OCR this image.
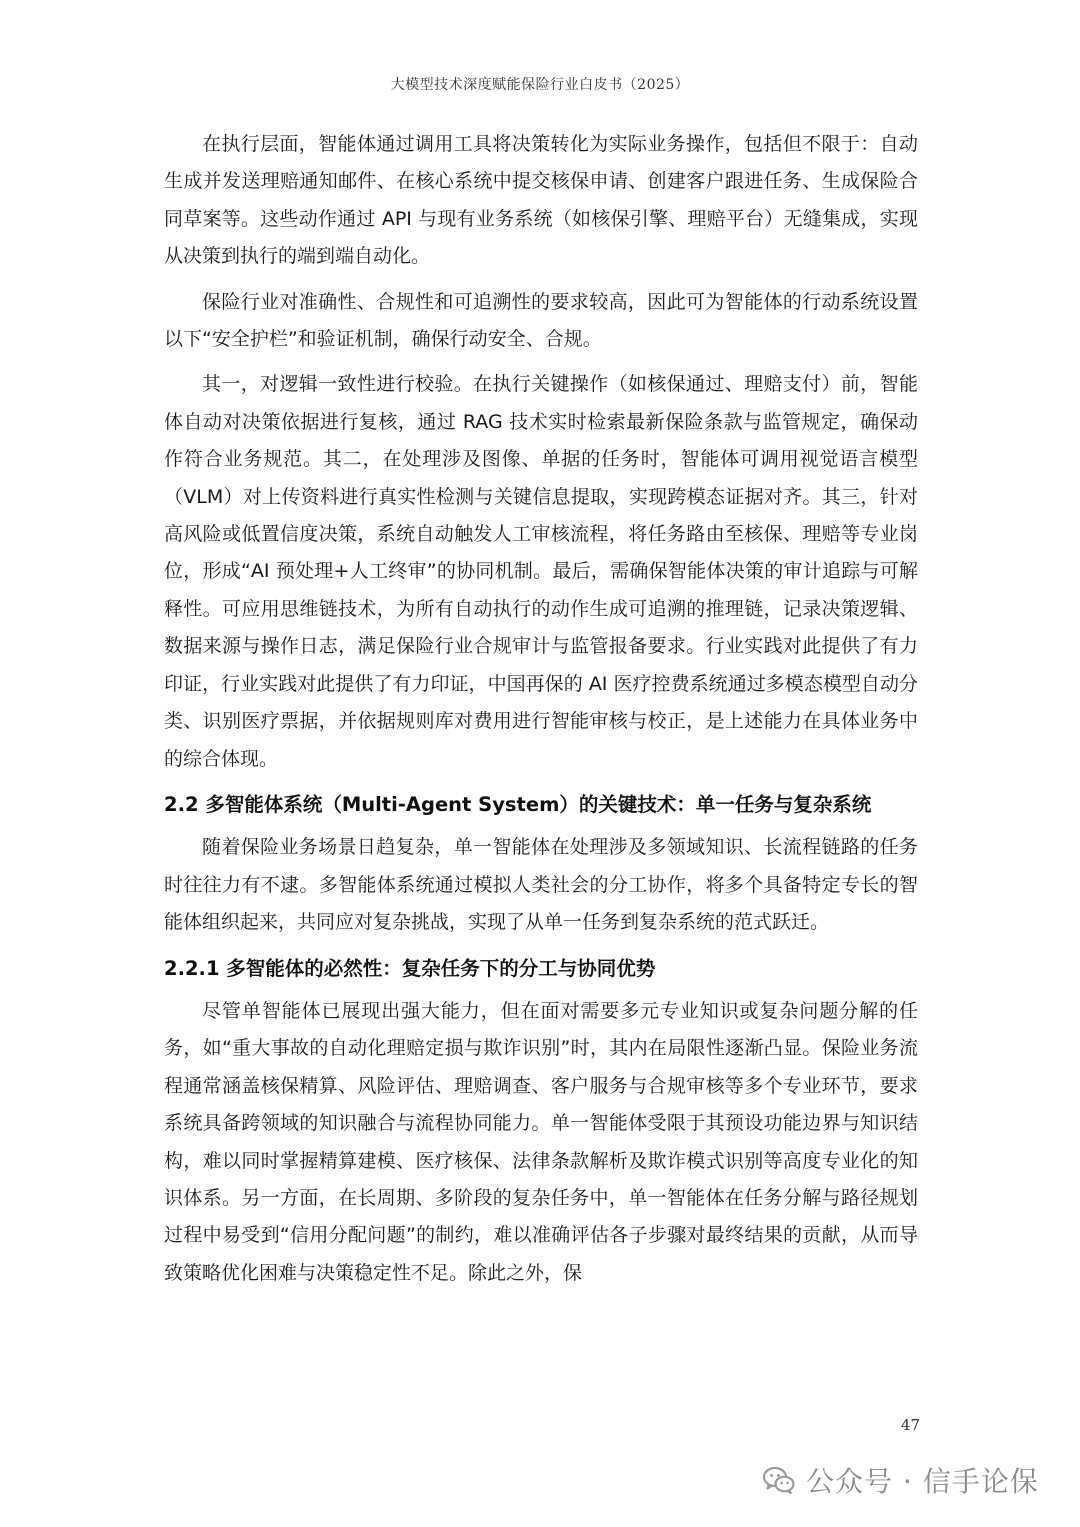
大模型技术深度赋能保险行业白皮书（2025）

在执行层面，智能体通过调用工具将决策转化为实际业务操作，包括但不限于：自动生成并发送理赔通知邮件、在核心系统中提交核保申请、创建客户跟进任务、生成保险合同草案等。这些动作通过 API 与现有业务系统（如核保引擎、理赔平台）无缝集成，实现从决策到执行的端到端自动化。

保险行业对准确性、合规性和可追溯性的要求较高，因此可为智能体的行动系统设置以下“安全护栏”和验证机制，确保行动安全、合规。

其一，对逻辑一致性进行校验。在执行关键操作（如核保通过、理赔支付）前，智能体自动对决策依据进行复核，通过 RAG 技术实时检索最新保险条款与监管规定，确保动作符合业务规范。其二，在处理涉及图像、单据的任务时，智能体可调用视觉语言模型（VLM）对上传资料进行真实性检测与关键信息提取，实现跨模态证据对齐。其三，针对高风险或低置信度决策，系统自动触发人工审核流程，将任务路由至核保、理赔等专业岗位，形成“AI 预处理+人工终审”的协同机制。最后，需确保智能体决策的审计追踪与可解释性。可应用思维链技术，为所有自动执行的动作生成可追溯的推理链，记录决策逻辑、数据来源与操作日志，满足保险行业合规审计与监管报备要求。行业实践对此提供了有力印证，行业实践对此提供了有力印证，中国再保的 AI 医疗控费系统通过多模态模型自动分类、识别医疗票据，并依据规则库对费用进行智能审核与校正，是上述能力在具体业务中的综合体现。

2.2 多智能体系统（Multi-Agent System）的关键技术：单一任务与复杂系统

随着保险业务场景日趋复杂，单一智能体在处理涉及多领域知识、长流程链路的任务时往往力有不逮。多智能体系统通过模拟人类社会的分工协作，将多个具备特定专长的智能体组织起来，共同应对复杂挑战，实现了从单一任务到复杂系统的范式跃迁。

2.2.1 多智能体的必然性：复杂任务下的分工与协同优势

尽管单智能体已展现出强大能力，但在面对需要多元专业知识或复杂问题分解的任务，如“重大事故的自动化理赔定损与欺诈识别”时，其内在局限性逐渐凸显。保险业务流程通常涵盖核保精算、风险评估、理赔调查、客户服务与合规审核等多个专业环节，要求系统具备跨领域的知识融合与流程协同能力。单一智能体受限于其预设功能边界与知识结构，难以同时掌握精算建模、医疗核保、法律条款解析及欺诈模式识别等高度专业化的知识体系。另一方面，在长周期、多阶段的复杂任务中，单一智能体在任务分解与路径规划过程中易受到“信用分配问题”的制约，难以准确评估各子步骤对最终结果的贡献，从而导致策略优化困难与决策稳定性不足。除此之外，保

47
公众号 · 信手论保
